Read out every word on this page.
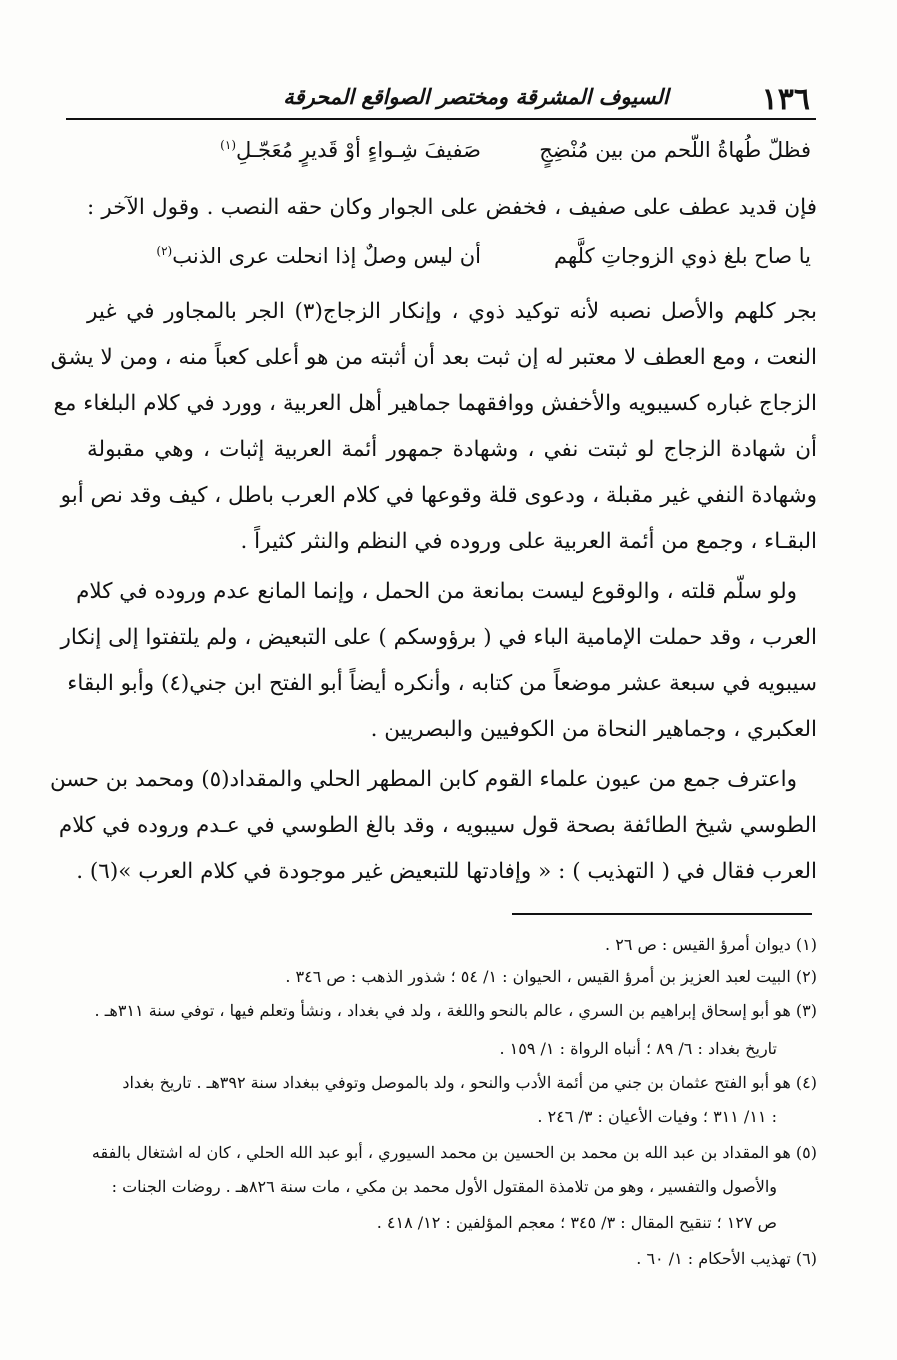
١٣٦
السيوف المشرقة ومختصر الصواقع المحرقة
فظلّ طُهاةُ اللّحم من بين مُنْضِجٍ
صَفيفَ شِـواءٍ أوْ قَديرٍ مُعَجّـلِ$^{(١)}$
فإن قديد عطف على صفيف ، فخفض على الجوار وكان حقه النصب . وقول الآخر :
يا صاح بلغ ذوي الزوجاتِ كلَّهم
أن ليس وصلٌ إذا انحلت عرى الذنب$^{(٢)}$
بجر كلهم والأصل نصبه لأنه توكيد ذوي ، وإنكار الزجاج(٣) الجر بالمجاور في غير
النعت ، ومع العطف لا معتبر له إن ثبت بعد أن أثبته من هو أعلى كعباً منه ، ومن لا يشق
الزجاج غباره كسيبويه والأخفش ووافقهما جماهير أهل العربية ، وورد في كلام البلغاء مع
أن شهادة الزجاج لو ثبتت نفي ، وشهادة جمهور أئمة العربية إثبات ، وهي مقبولة
وشهادة النفي غير مقبلة ، ودعوى قلة وقوعها في كلام العرب باطل ، كيف وقد نص أبو
البقـاء ، وجمع من أئمة العربية على وروده في النظم والنثر كثيراً .
ولو سلّم قلته ، والوقوع ليست بمانعة من الحمل ، وإنما المانع عدم وروده في كلام
العرب ، وقد حملت الإمامية الباء في ( برؤوسكم ) على التبعيض ، ولم يلتفتوا إلى إنكار
سيبويه في سبعة عشر موضعاً من كتابه ، وأنكره أيضاً أبو الفتح ابن جني(٤) وأبو البقاء
العكبري ، وجماهير النحاة من الكوفيين والبصريين .
واعترف جمع من عيون علماء القوم كابن المطهر الحلي والمقداد(٥) ومحمد بن حسن
الطوسي شيخ الطائفة بصحة قول سيبويه ، وقد بالغ الطوسي في عـدم وروده في كلام
العرب فقال في ( التهذيب ) : « وإفادتها للتبعيض غير موجودة في كلام العرب »(٦) .
(١) ديوان أمرؤ القيس : ص ٢٦ .
(٢) البيت لعبد العزيز بن أمرؤ القيس ، الحيوان : ١/ ٥٤ ؛ شذور الذهب : ص ٣٤٦ .
(٣) هو أبو إسحاق إبراهيم بن السري ، عالم بالنحو واللغة ، ولد في بغداد ، ونشأ وتعلم فيها ، توفي سنة ٣١١هـ .
تاريخ بغداد : ٦/ ٨٩ ؛ أنباه الرواة : ١/ ١٥٩ .
(٤) هو أبو الفتح عثمان بن جني من أئمة الأدب والنحو ، ولد بالموصل وتوفي ببغداد سنة ٣٩٢هـ . تاريخ بغداد
: ١١/ ٣١١ ؛ وفيات الأعيان : ٣/ ٢٤٦ .
(٥) هو المقداد بن عبد الله بن محمد بن الحسين بن محمد السيوري ، أبو عبد الله الحلي ، كان له اشتغال بالفقه
والأصول والتفسير ، وهو من تلامذة المقتول الأول محمد بن مكي ، مات سنة ٨٢٦هـ . روضات الجنات :
ص ١٢٧ ؛ تنقيح المقال : ٣/ ٣٤٥ ؛ معجم المؤلفين : ١٢/ ٤١٨ .
(٦) تهذيب الأحكام : ١/ ٦٠ .
